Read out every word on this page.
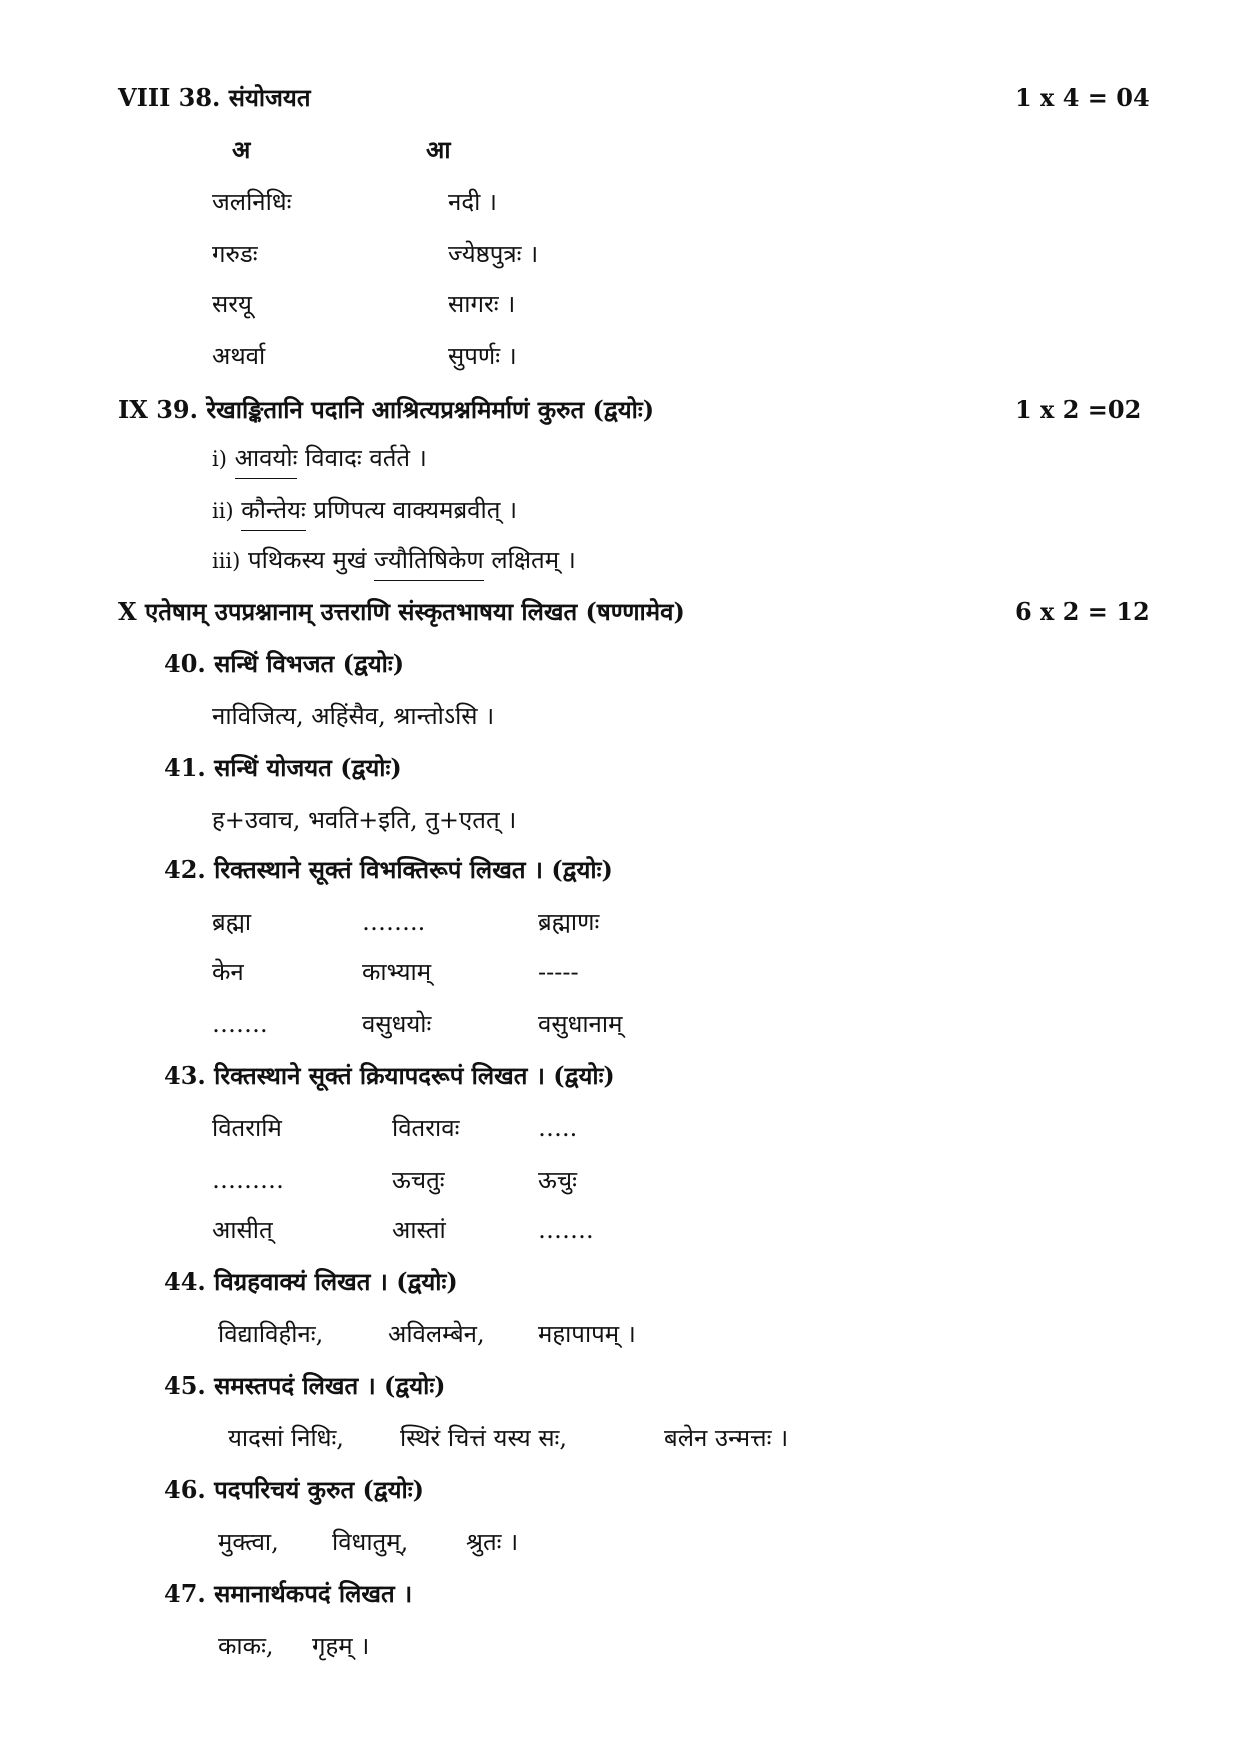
VIII 38. संयोजयत	1 x 4 = 04
अ	आ
जलनिधिः	नदी ।
गरुडः	ज्येष्ठपुत्रः ।
सरयू	सागरः ।
अथर्वा	सुपर्णः ।
IX 39. रेखाङ्कितानि पदानि आश्रित्यप्रश्नमिर्माणं कुरुत (द्वयोः)	1 x 2 =02
i) आवयोः विवादः वर्तते ।
ii) कौन्तेयः प्रणिपत्य वाक्यमब्रवीत् ।
iii) पथिकस्य मुखं ज्यौतिषिकेण लक्षितम् ।
X एतेषाम् उपप्रश्नानाम् उत्तराणि संस्कृतभाषया लिखत (षण्णामेव)	6 x 2 = 12
40. सन्धिं विभजत (द्वयोः)
नाविजित्य, अहिंसैव, श्रान्तोऽसि ।
41. सन्धिं योजयत (द्वयोः)
ह+उवाच, भवति+इति, तु+एतत् ।
42. रिक्तस्थाने सूक्तं विभक्तिरूपं लिखत । (द्वयोः)
ब्रह्मा	……..	ब्रह्माणः
केन	काभ्याम्	-----
…….	वसुधयोः	वसुधानाम्
43. रिक्तस्थाने सूक्तं क्रियापदरूपं लिखत । (द्वयोः)
वितरामि	वितरावः	…..
………	ऊचतुः	ऊचुः
आसीत्	आस्तां	…….
44. विग्रहवाक्यं लिखत । (द्वयोः)
विद्याविहीनः,	अविलम्बेन, महापापम् ।
45. समस्तपदं लिखत । (द्वयोः)
यादसां निधिः, स्थिरं चित्तं यस्य सः,	बलेन उन्मत्तः ।
46. पदपरिचयं कुरुत (द्वयोः)
मुक्त्वा, विधातुम्, श्रुतः ।
47. समानार्थकपदं लिखत ।
काकः, गृहम् ।
